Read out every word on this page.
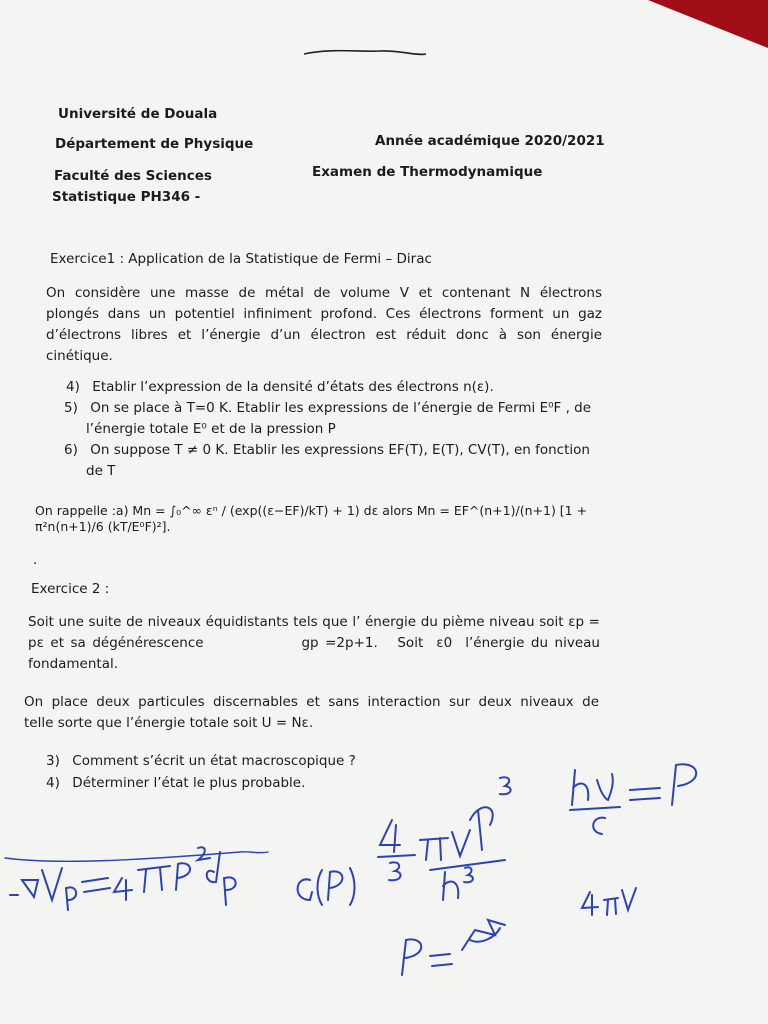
Université de Douala
Département de Physique	Année académique 2020/2021
Faculté des Sciences	Examen de Thermodynamique
Statistique PH346 -
Exercice1 : Application de la Statistique de Fermi – Dirac
On considère une masse de métal de volume V et contenant N électrons
plongés dans un potentiel infiniment profond. Ces électrons forment un gaz
d’électrons libres et l’énergie d’un électron est réduit donc à son énergie
cinétique.
4) Etablir l’expression de la densité d’états des électrons n(ε).
5) On se place à T=0 K. Etablir les expressions de l’énergie de Fermi E⁰F , de
l’énergie totale E⁰ et de la pression P
6) On suppose T ≠ 0 K. Etablir les expressions EF(T), E(T), CV(T), en fonction
de T
On rappelle :a) Mn = ∫₀^∞ εⁿ / (exp((ε−EF)/kT) + 1) dε alors Mn = EF^(n+1)/(n+1) [1 + π²n(n+1)/6 (kT/E⁰F)²].
.
Exercice 2 :
Soit une suite de niveaux équidistants tels que l’ énergie du pième niveau soit εp =
pε et sa dégénérescence               gp =2p+1.   Soit  ε0  l’énergie du niveau
fondamental.
On place deux particules discernables et sans interaction sur deux niveaux de
telle sorte que l’énergie totale soit U = Nε.
3) Comment s’écrit un état macroscopique ?
4) Déterminer l’état le plus probable.
